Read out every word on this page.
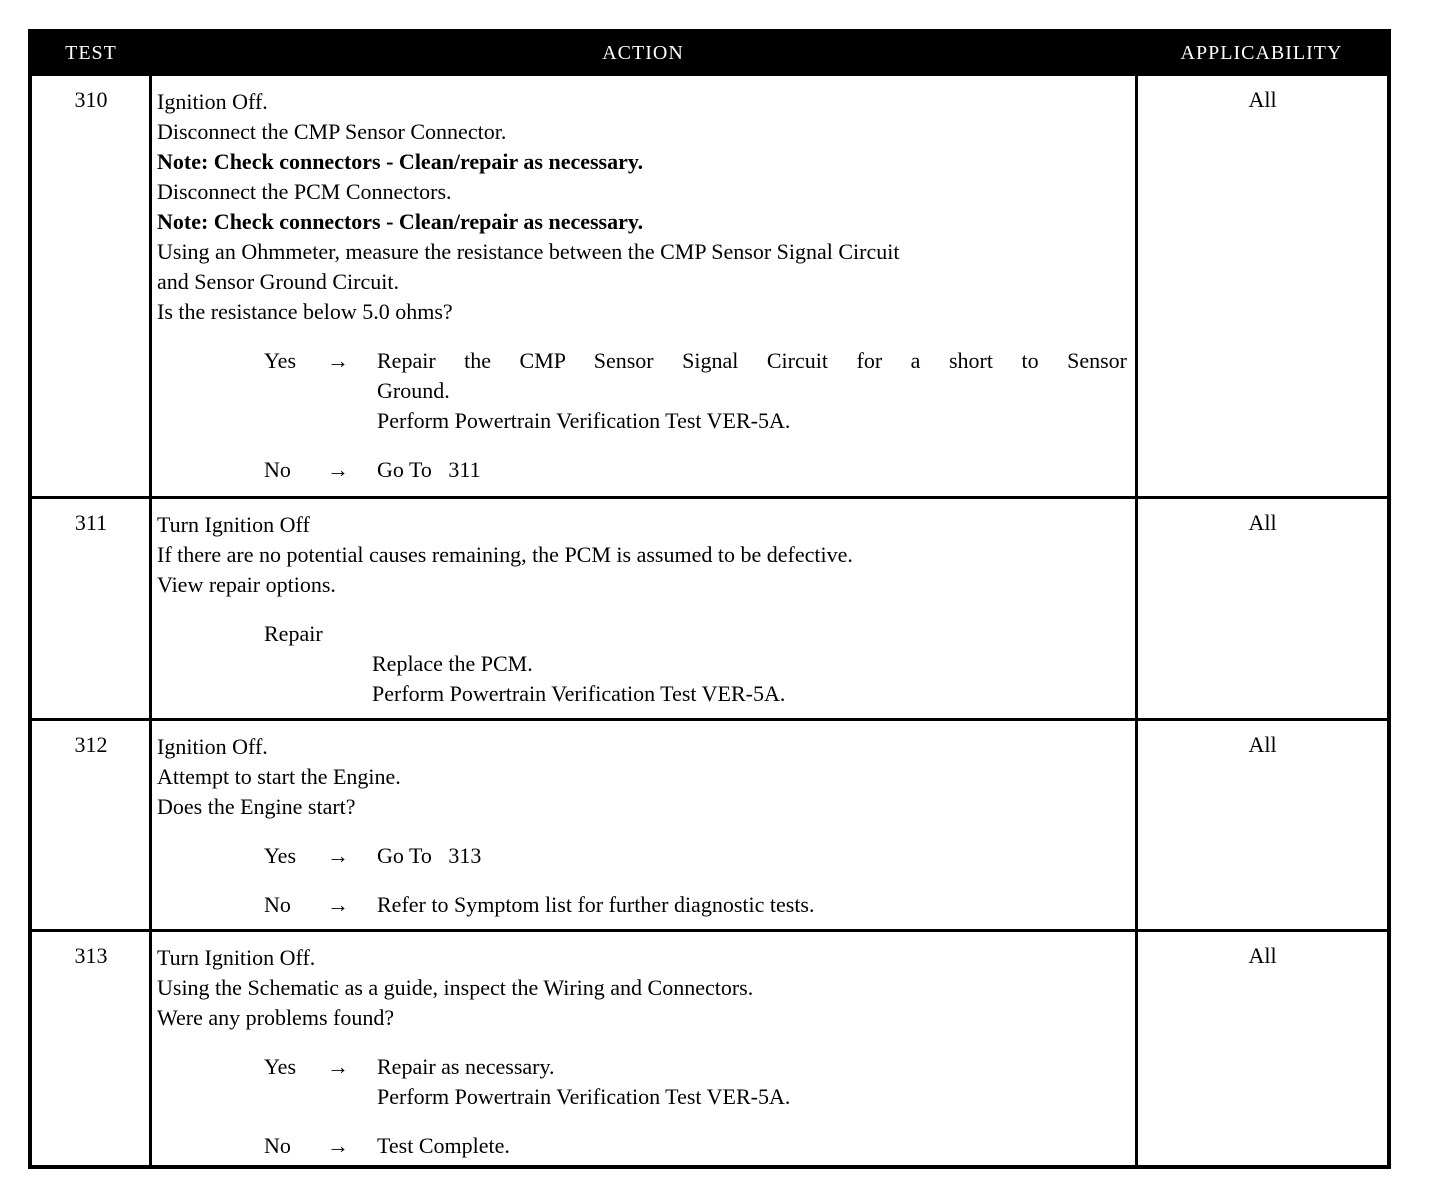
TEST	ACTION	APPLICABILITY
310	Ignition Off.
Disconnect the CMP Sensor Connector.
Note: Check connectors - Clean/repair as necessary.
Disconnect the PCM Connectors.
Note: Check connectors - Clean/repair as necessary.
Using an Ohmmeter, measure the resistance between the CMP Sensor Signal Circuit
and Sensor Ground Circuit.
Is the resistance below 5.0 ohms?
Yes → Repair the CMP Sensor Signal Circuit for a short to Sensor
Ground.
Perform Powertrain Verification Test VER-5A.
No → Go To   311
All
311	Turn Ignition Off
If there are no potential causes remaining, the PCM is assumed to be defective.
View repair options.
Repair
Replace the PCM.
Perform Powertrain Verification Test VER-5A.
All
312	Ignition Off.
Attempt to start the Engine.
Does the Engine start?
Yes → Go To   313
No → Refer to Symptom list for further diagnostic tests.
All
313	Turn Ignition Off.
Using the Schematic as a guide, inspect the Wiring and Connectors.
Were any problems found?
Yes → Repair as necessary.
Perform Powertrain Verification Test VER-5A.
No → Test Complete.
All
